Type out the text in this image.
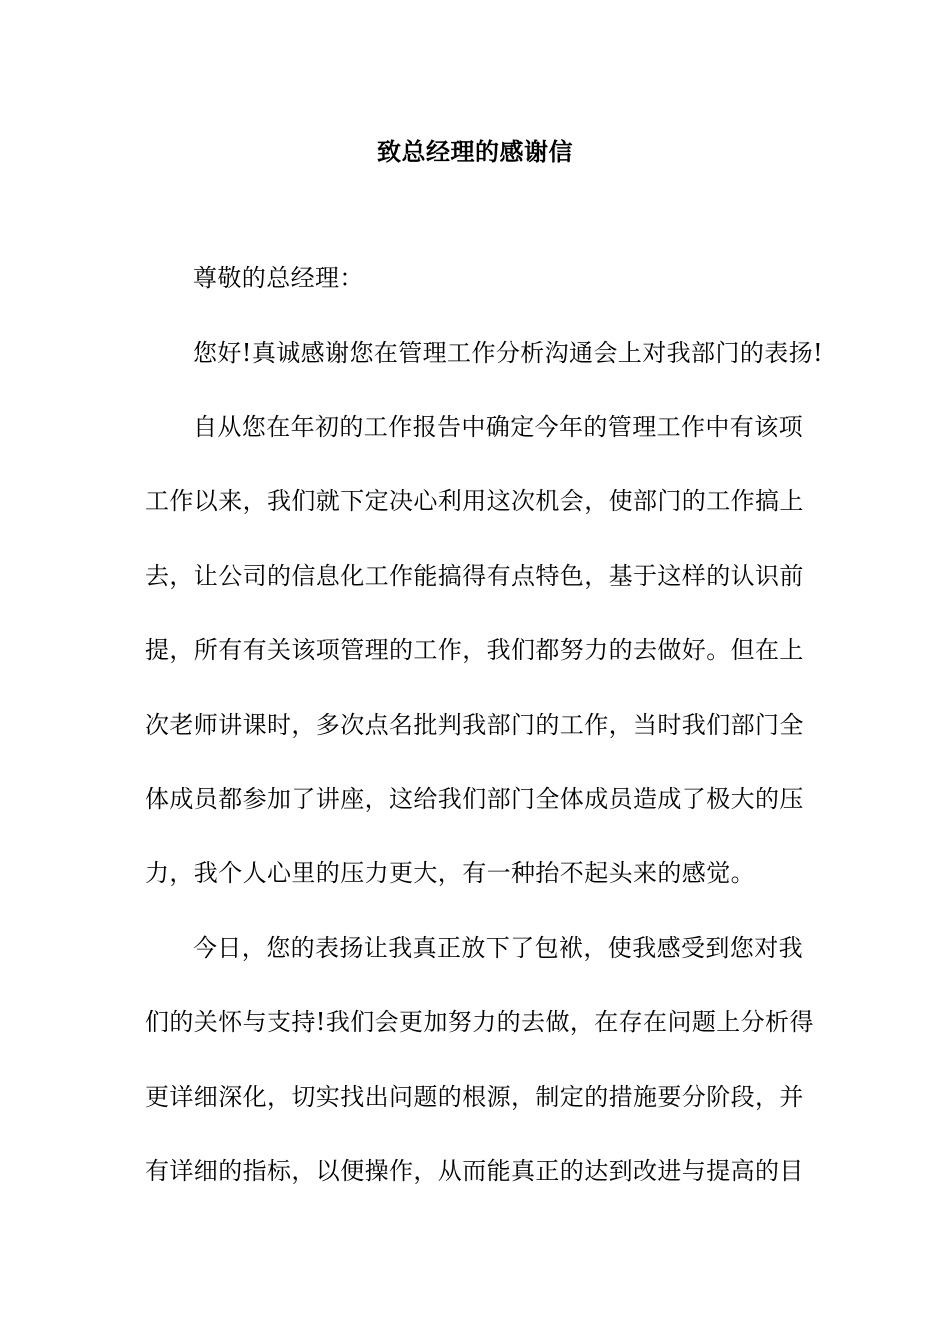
致总经理的感谢信
尊敬的总经理：
您好!真诚感谢您在管理工作分析沟通会上对我部门的表扬!
自从您在年初的工作报告中确定今年的管理工作中有该项
工作以来，我们就下定决心利用这次机会，使部门的工作搞上
去，让公司的信息化工作能搞得有点特色，基于这样的认识前
提，所有有关该项管理的工作，我们都努力的去做好。但在上
次老师讲课时，多次点名批判我部门的工作，当时我们部门全
体成员都参加了讲座，这给我们部门全体成员造成了极大的压
力，我个人心里的压力更大，有一种抬不起头来的感觉。
今日，您的表扬让我真正放下了包袱，使我感受到您对我
们的关怀与支持!我们会更加努力的去做，在存在问题上分析得
更详细深化，切实找出问题的根源，制定的措施要分阶段，并
有详细的指标，以便操作，从而能真正的达到改进与提高的目
